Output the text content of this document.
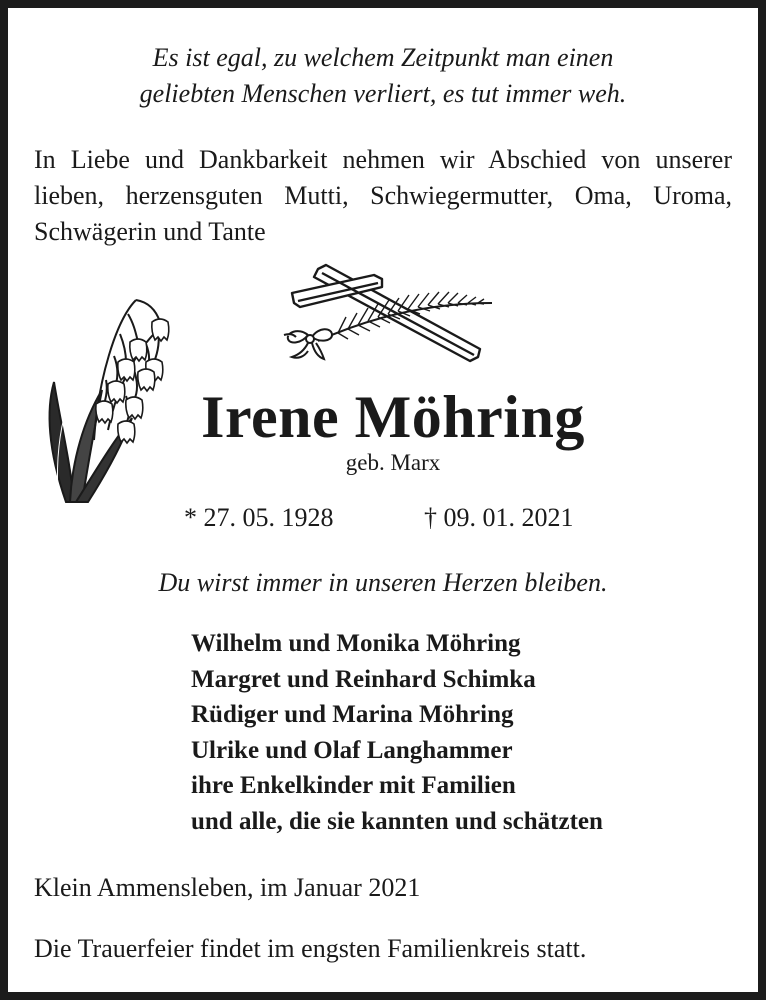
Es ist egal, zu welchem Zeitpunkt man einen
geliebten Menschen verliert, es tut immer weh.
In Liebe und Dankbarkeit nehmen wir Abschied von unserer lieben, herzensguten Mutti, Schwiegermutter, Oma, Uroma, Schwägerin und Tante
Irene Möhring
geb. Marx
* 27. 05. 1928	† 09. 01. 2021
Du wirst immer in unseren Herzen bleiben.
Wilhelm und Monika Möhring
Margret und Reinhard Schimka
Rüdiger und Marina Möhring
Ulrike und Olaf Langhammer
ihre Enkelkinder mit Familien
und alle, die sie kannten und schätzten
Klein Ammensleben, im Januar 2021
Die Trauerfeier findet im engsten Familienkreis statt.
